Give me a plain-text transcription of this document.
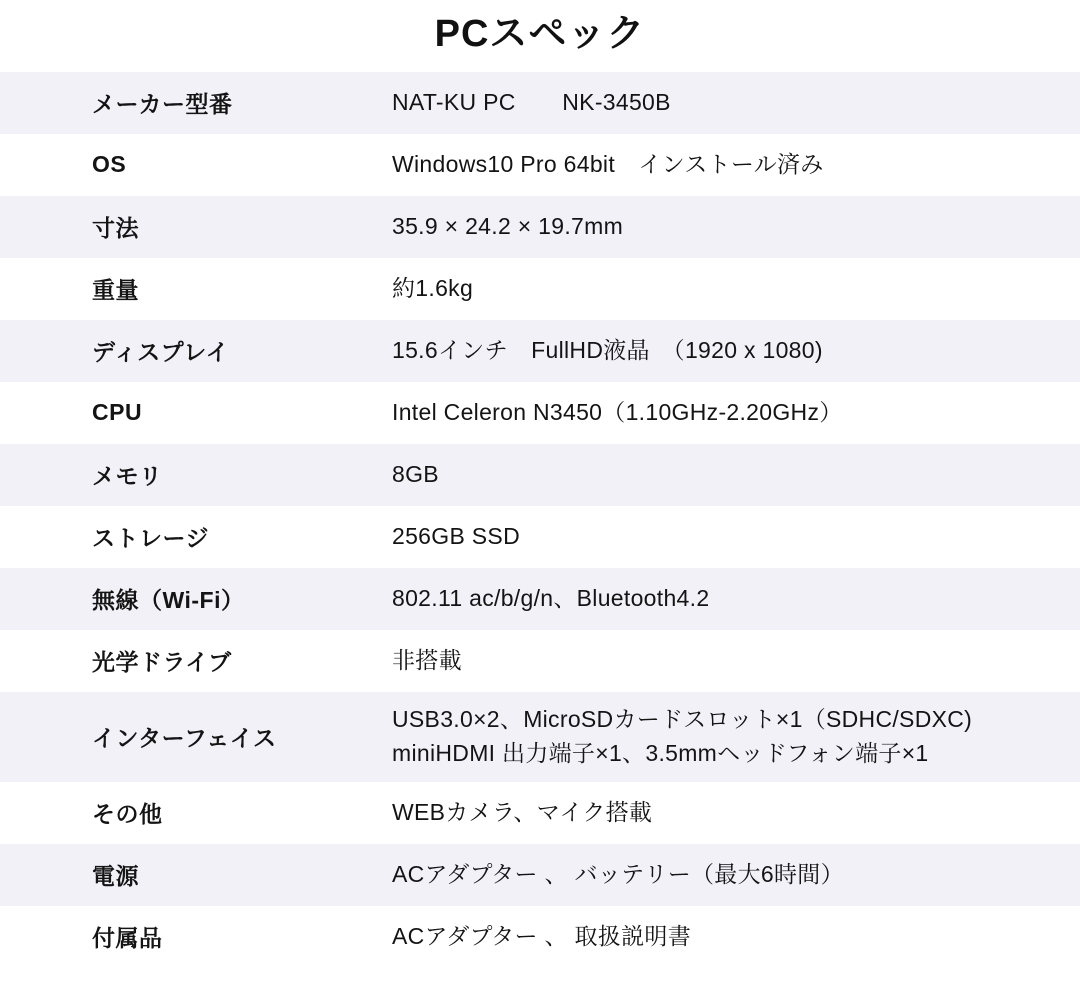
PCスペック
メーカー型番	NAT-KU PC　　NK-3450B

OS	Windows10 Pro 64bit　インストール済み

寸法	35.9 × 24.2 × 19.7mm

重量	約1.6kg

ディスプレイ	15.6インチ　FullHD液晶　（1920 x 1080)

CPU	Intel Celeron N3450（1.10GHz-2.20GHz）

メモリ	8GB

ストレージ	256GB SSD

無線（Wi-Fi）	802.11 ac/b/g/n、Bluetooth4.2

光学ドライブ	非搭載

インターフェイス	USB3.0×2、MicroSDカードスロット×1（SDHC/SDXC)
miniHDMI 出力端子×1、3.5mmヘッドフォン端子×1

その他	WEBカメラ、マイク搭載

電源	ACアダプター 、 バッテリー（最大6時間）

付属品	ACアダプター 、 取扱説明書
